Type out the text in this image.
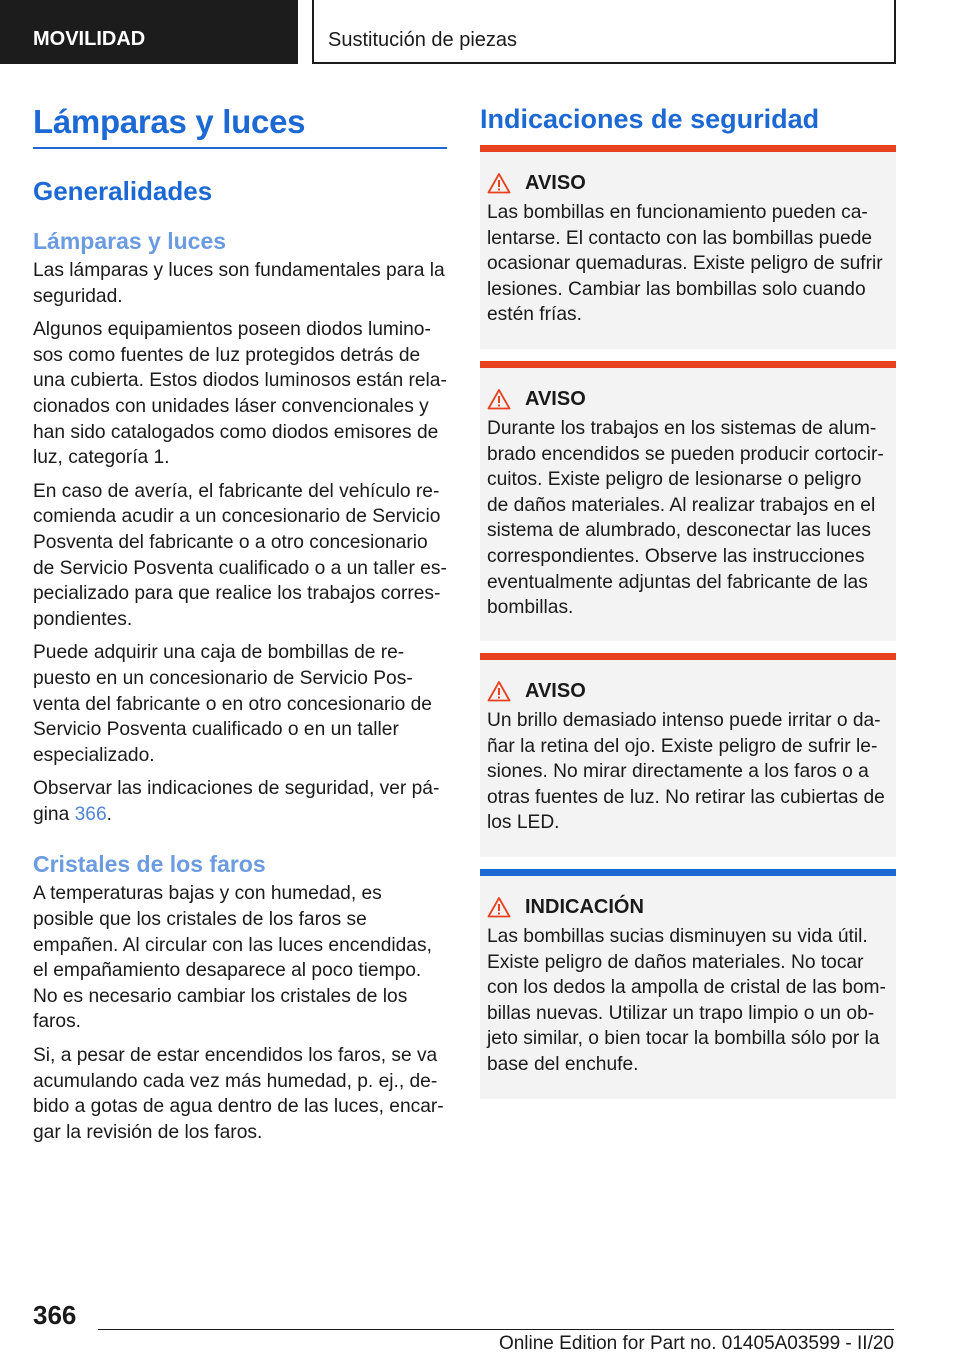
MOVILIDAD	Sustitución de piezas
Lámparas y luces
Generalidades
Lámparas y luces

Las lámparas y luces son fundamentales para la seguridad.

Algunos equipamientos poseen diodos luminosos como fuentes de luz protegidos detrás de una cubierta. Estos diodos luminosos están relacionados con unidades láser convencionales y han sido catalogados como diodos emisores de luz, categoría 1.

En caso de avería, el fabricante del vehículo recomienda acudir a un concesionario de Servicio Posventa del fabricante o a otro concesionario de Servicio Posventa cualificado o a un taller especializado para que realice los trabajos correspondientes.

Puede adquirir una caja de bombillas de repuesto en un concesionario de Servicio Posventa del fabricante o en otro concesionario de Servicio Posventa cualificado o en un taller especializado.

Observar las indicaciones de seguridad, ver página 366.

Cristales de los faros

A temperaturas bajas y con humedad, es posible que los cristales de los faros se empañen. Al circular con las luces encendidas, el empañamiento desaparece al poco tiempo. No es necesario cambiar los cristales de los faros.

Si, a pesar de estar encendidos los faros, se va acumulando cada vez más humedad, p. ej., debido a gotas de agua dentro de las luces, encargar la revisión de los faros.

Indicaciones de seguridad
AVISO

Las bombillas en funcionamiento pueden calentarse. El contacto con las bombillas puede ocasionar quemaduras. Existe peligro de sufrir lesiones. Cambiar las bombillas solo cuando estén frías.

AVISO

Durante los trabajos en los sistemas de alumbrado encendidos se pueden producir cortocircuitos. Existe peligro de lesionarse o peligro de daños materiales. Al realizar trabajos en el sistema de alumbrado, desconectar las luces correspondientes. Observe las instrucciones eventualmente adjuntas del fabricante de las bombillas.

AVISO

Un brillo demasiado intenso puede irritar o dañar la retina del ojo. Existe peligro de sufrir lesiones. No mirar directamente a los faros o a otras fuentes de luz. No retirar las cubiertas de los LED.

INDICACIÓN

Las bombillas sucias disminuyen su vida útil. Existe peligro de daños materiales. No tocar con los dedos la ampolla de cristal de las bombillas nuevas. Utilizar un trapo limpio o un objeto similar, o bien tocar la bombilla sólo por la base del enchufe.

366
Online Edition for Part no. 01405A03599 - II/20
